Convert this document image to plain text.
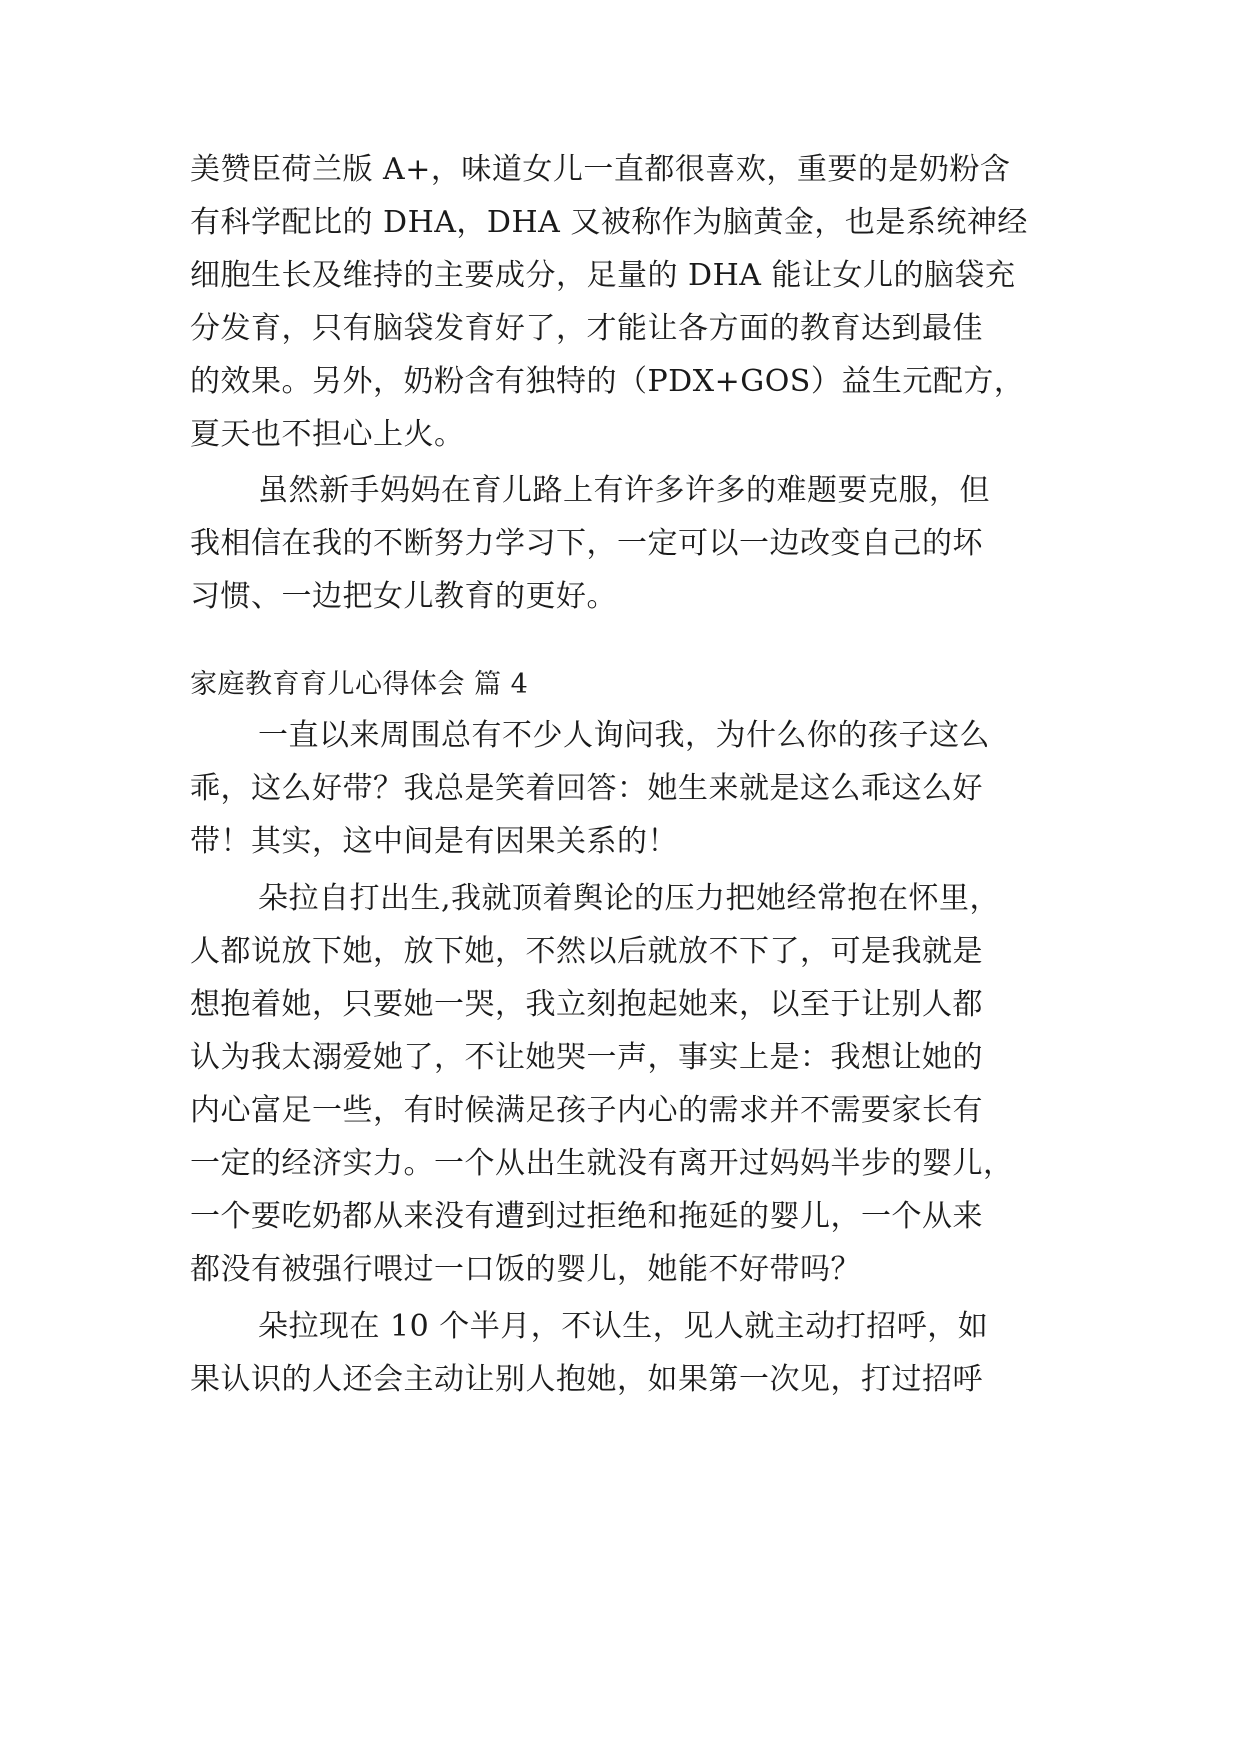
美赞臣荷兰版 A+，味道女儿一直都很喜欢，重要的是奶粉含
有科学配比的 DHA，DHA 又被称作为脑黄金，也是系统神经
细胞生长及维持的主要成分，足量的 DHA 能让女儿的脑袋充
分发育，只有脑袋发育好了，才能让各方面的教育达到最佳
的效果。另外，奶粉含有独特的（PDX+GOS）益生元配方，
夏天也不担心上火。
虽然新手妈妈在育儿路上有许多许多的难题要克服，但
我相信在我的不断努力学习下，一定可以一边改变自己的坏
习惯、一边把女儿教育的更好。
家庭教育育儿心得体会 篇 4
一直以来周围总有不少人询问我，为什么你的孩子这么
乖，这么好带？我总是笑着回答：她生来就是这么乖这么好
带！其实，这中间是有因果关系的！
朵拉自打出生,我就顶着舆论的压力把她经常抱在怀里，
人都说放下她，放下她，不然以后就放不下了，可是我就是
想抱着她，只要她一哭，我立刻抱起她来，以至于让别人都
认为我太溺爱她了，不让她哭一声，事实上是：我想让她的
内心富足一些，有时候满足孩子内心的需求并不需要家长有
一定的经济实力。一个从出生就没有离开过妈妈半步的婴儿，
一个要吃奶都从来没有遭到过拒绝和拖延的婴儿，一个从来
都没有被强行喂过一口饭的婴儿，她能不好带吗？
朵拉现在 10 个半月，不认生，见人就主动打招呼，如
果认识的人还会主动让别人抱她，如果第一次见，打过招呼
